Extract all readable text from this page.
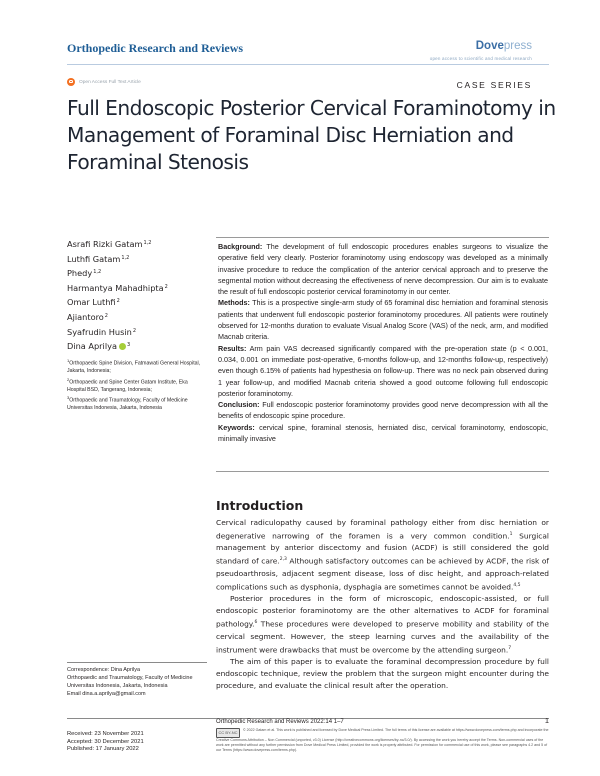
Orthopedic Research and Reviews	Dovepress
open access to scientific and medical research
Open Access Full Text Article	CASE SERIES
Full Endoscopic Posterior Cervical Foraminotomy in Management of Foraminal Disc Herniation and Foraminal Stenosis
Asrafi Rizki Gatam$^{1,2}$
Luthfi Gatam$^{1,2}$
Phedy$^{1,2}$
Harmantya Mahadhipta$^2$
Omar Luthfi$^2$
Ajiantoro$^2$
Syafrudin Husin$^2$
Dina Aprilya $^3$

$^1$Orthopaedic Spine Division, Fatmawati General Hospital, Jakarta, Indonesia;

$^2$Orthopaedic and Spine Center Gatam Institute, Eka Hospital BSD, Tangerang, Indonesia;

$^3$Orthopaedic and Traumatology, Faculty of Medicine Universitas Indonesia, Jakarta, Indonesia

Background: The development of full endoscopic procedures enables surgeons to visualize the operative field very clearly. Posterior foraminotomy using endoscopy was developed as a minimally invasive procedure to reduce the complication of the anterior cervical approach and to preserve the segmental motion without decreasing the effectiveness of nerve decompression. Our aim is to evaluate the result of full endoscopic posterior cervical foraminotomy in our center.

Methods: This is a prospective single-arm study of 65 foraminal disc herniation and foraminal stenosis patients that underwent full endoscopic posterior foraminotomy procedures. All patients were routinely observed for 12-months duration to evaluate Visual Analog Score (VAS) of the neck, arm, and modified Macnab criteria.

Results: Arm pain VAS decreased significantly compared with the pre-operation state (p < 0.001, 0.034, 0.001 on immediate post-operative, 6-months follow-up, and 12-months follow-up, respectively) even though 6.15% of patients had hypesthesia on follow-up. There was no neck pain observed during 1 year follow-up, and modified Macnab criteria showed a good outcome following full endoscopic posterior foraminotomy.

Conclusion: Full endoscopic posterior foraminotomy provides good nerve decompression with all the benefits of endoscopic spine procedure.

Keywords: cervical spine, foraminal stenosis, herniated disc, cervical foraminotomy, endoscopic, minimally invasive

Introduction

Cervical radiculopathy caused by foraminal pathology either from disc herniation or degenerative narrowing of the foramen is a very common condition.$^1$ Surgical management by anterior discectomy and fusion (ACDF) is still considered the gold standard of care.$^{2,3}$ Although satisfactory outcomes can be achieved by ACDF, the risk of pseudoarthrosis, adjacent segment disease, loss of disc height, and approach-related complications such as dysphonia, dysphagia are sometimes cannot be avoided.$^{4,5}$

Posterior procedures in the form of microscopic, endoscopic-assisted, or full endoscopic posterior foraminotomy are the other alternatives to ACDF for foraminal pathology.$^6$ These procedures were developed to preserve mobility and stability of the cervical segment. However, the steep learning curves and the availability of the instrument were drawbacks that must be overcome by the attending surgeon.$^7$

The aim of this paper is to evaluate the foraminal decompression procedure by full endoscopic technique, review the problem that the surgeon might encounter during the procedure, and evaluate the clinical result after the operation.

Correspondence: Dina Aprilya

Orthopaedic and Traumatology, Faculty of Medicine Universitas Indonesia, Jakarta, Indonesia

Email dina.a.aprilya@gmail.com

Received: 23 November 2021

Accepted: 30 December 2021

Published: 17 January 2022

Orthopedic Research and Reviews 2022:14 1–7	1
CC BY-NC © 2022 Gatam et al. This work is published and licensed by Dove Medical Press Limited. The full terms of this license are available at https://www.dovepress.com/terms.php and incorporate the Creative Commons Attribution – Non Commercial (unported, v3.0) License (http://creativecommons.org/licenses/by-nc/3.0/). By accessing the work you hereby accept the Terms. Non-commercial uses of the work are permitted without any further permission from Dove Medical Press Limited, provided the work is properly attributed. For permission for commercial use of this work, please see paragraphs 4.2 and 5 of our Terms (https://www.dovepress.com/terms.php).
